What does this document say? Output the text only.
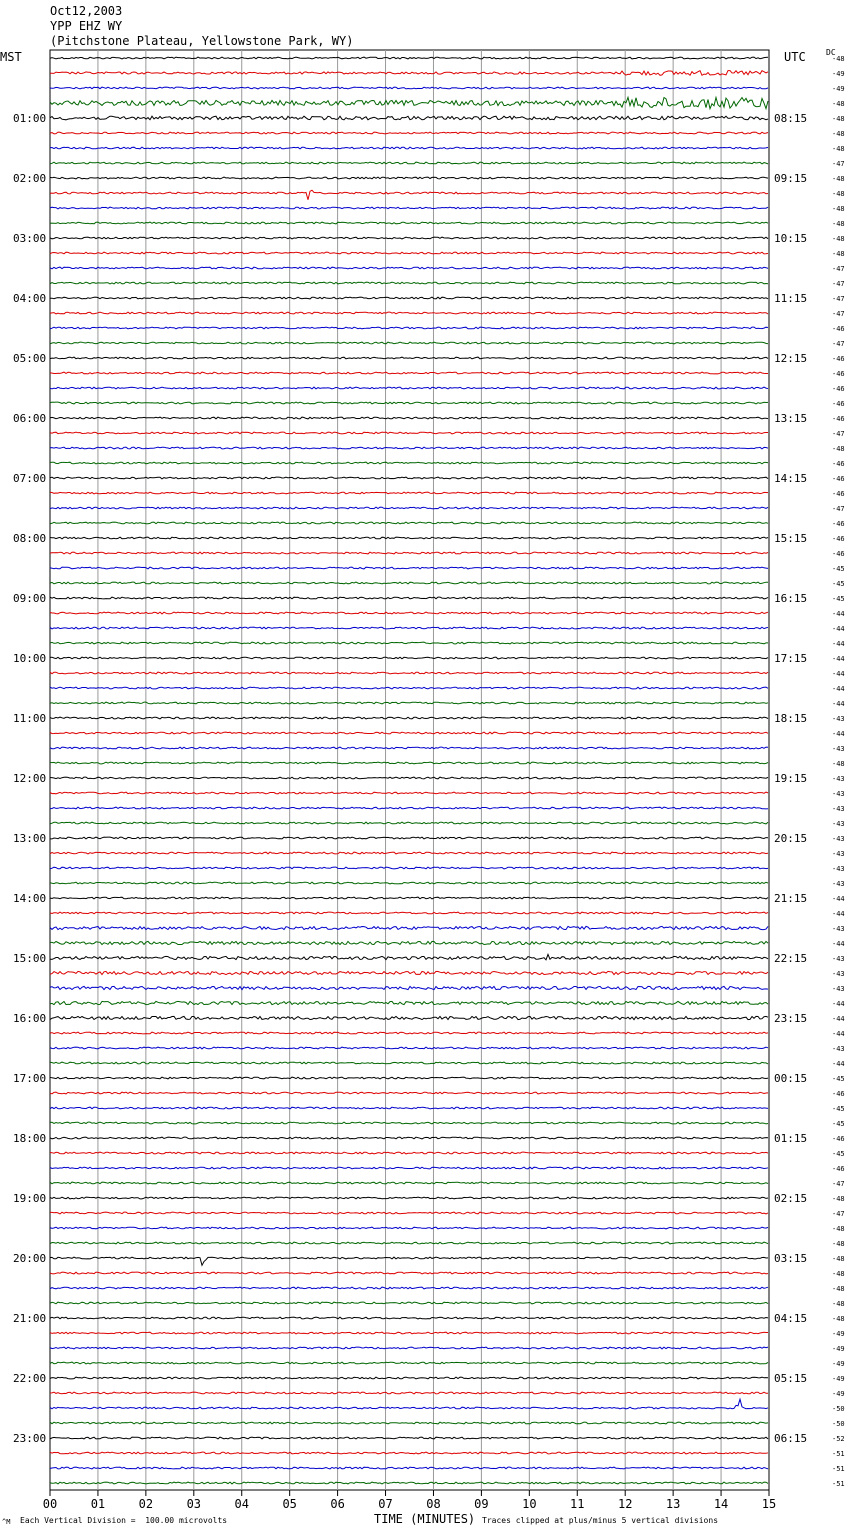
Oct12,2003
YPP EHZ WY
(Pitchstone Plateau, Yellowstone Park, WY)
MST	UTC	DC
TIME (MINUTES)
^M Each Vertical Division =  100.00 microvolts	Traces clipped at plus/minus 5 vertical divisions
00	01	02	03	04	05	06	07	08	09	10	11	12	13	14	15
-48
-49
-49
-48
-48
-48
-48
-47
-48
-48
-48
-48
-48
-48
-47
-47
-47
-47
-46
-47
-46
-46
-46
-46
-46
-47
-48
-46
-46
-46
-47
-46
-46
-46
-45
-45
-45
-44
-44
-44
-44
-44
-44
-44
-43
-44
-43
-48
-43
-43
-43
-43
-43
-43
-43
-43
-44
-44
-43
-44
-43
-43
-43
-44
-44
-44
-43
-44
-45
-46
-45
-45
-46
-45
-46
-47
-48
-47
-48
-48
-48
-48
-48
-48
-48
-49
-49
-49
-49
-49
-50
-50
-52
-51
-51
-51
01:00
02:00
03:00
04:00
05:00
06:00
07:00
08:00
09:00
10:00
11:00
12:00
13:00
14:00
15:00
16:00
17:00
18:00
19:00
20:00
21:00
22:00
23:00
08:15
09:15
10:15
11:15
12:15
13:15
14:15
15:15
16:15
17:15
18:15
19:15
20:15
21:15
22:15
23:15
00:15
01:15
02:15
03:15
04:15
05:15
06:15
